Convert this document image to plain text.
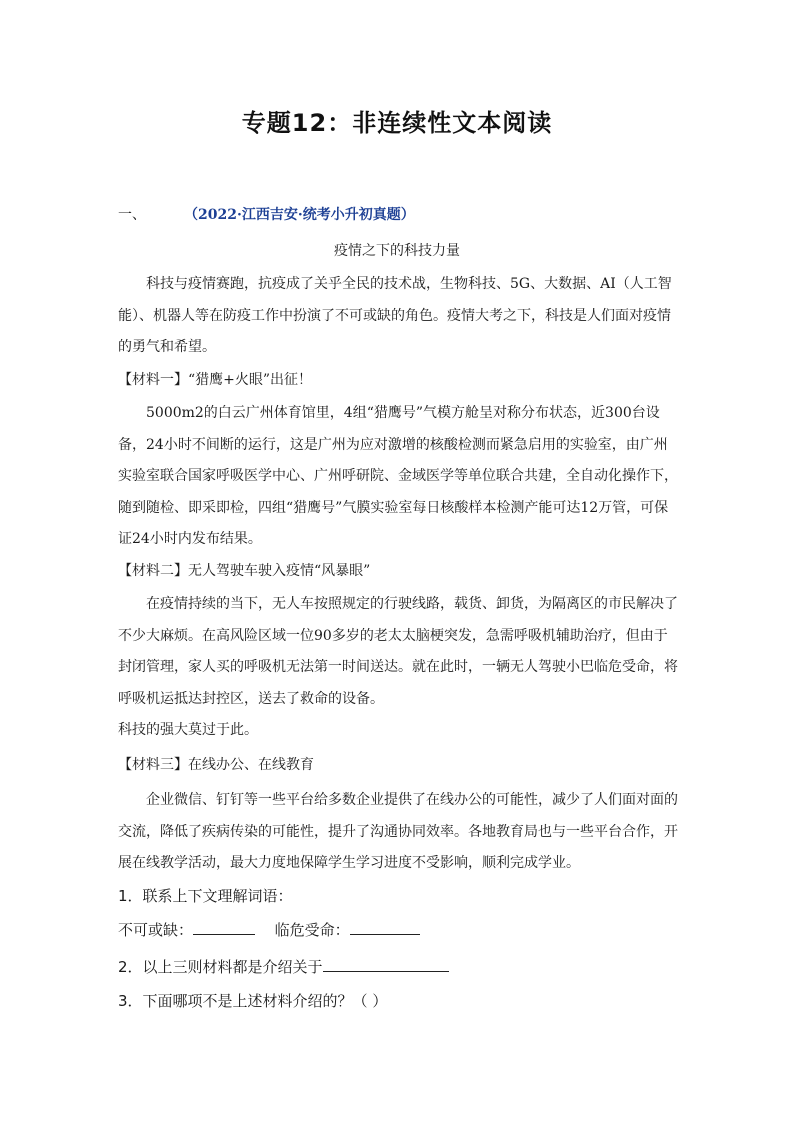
专题12：非连续性文本阅读
一、	（2022·江西吉安·统考小升初真题）
疫情之下的科技力量

科技与疫情赛跑，抗疫成了关乎全民的技术战，生物科技、5G、大数据、AI（人工智能）、机器人等在防疫工作中扮演了不可或缺的角色。疫情大考之下，科技是人们面对疫情的勇气和希望。

【材料一】“猎鹰+火眼”出征！

5000m2的白云广州体育馆里，4组“猎鹰号”气模方舱呈对称分布状态，近300台设备，24小时不间断的运行，这是广州为应对激增的核酸检测而紧急启用的实验室，由广州实验室联合国家呼吸医学中心、广州呼研院、金域医学等单位联合共建，全自动化操作下，随到随检、即采即检，四组“猎鹰号”气膜实验室每日核酸样本检测产能可达12万管，可保证24小时内发布结果。

【材料二】无人驾驶车驶入疫情“风暴眼”

在疫情持续的当下，无人车按照规定的行驶线路，载货、卸货，为隔离区的市民解决了不少大麻烦。在高风险区域一位90多岁的老太太脑梗突发，急需呼吸机辅助治疗，但由于封闭管理，家人买的呼吸机无法第一时间送达。就在此时，一辆无人驾驶小巴临危受命，将呼吸机运抵达封控区，送去了救命的设备。

科技的强大莫过于此。
【材料三】在线办公、在线教育

企业微信、钉钉等一些平台给多数企业提供了在线办公的可能性，减少了人们面对面的交流，降低了疾病传染的可能性，提升了沟通协同效率。各地教育局也与一些平台合作，开展在线教学活动，最大力度地保障学生学习进度不受影响，顺利完成学业。

1．联系上下文理解词语：
不可或缺：	临危受命：
2．以上三则材料都是介绍关于
3．下面哪项不是上述材料介绍的？（ ）
